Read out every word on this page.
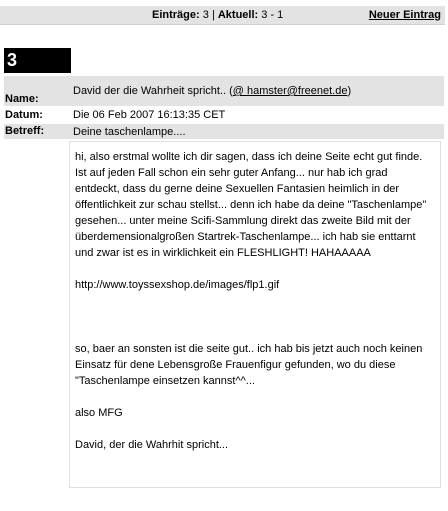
Einträge: 3 | Aktuell: 3 - 1	Neuer Eintrag
3
Name:
David der die Wahrheit spricht.. (@ hamster@freenet.de)
Datum:	Die 06 Feb 2007 16:13:35 CET
Betreff:	Deine taschenlampe....

hi, also erstmal wollte ich dir sagen, dass ich deine Seite echt gut finde. Ist auf jeden Fall schon ein sehr guter Anfang... nur hab ich grad entdeckt, dass du gerne deine Sexuellen Fantasien heimlich in der öffentlichkeit zur schau stellst... denn ich habe da deine "Taschenlampe" gesehen... unter meine Scifi-Sammlung direkt das zweite Bild mit der überdemensionalgroßen Startrek-Taschenlampe... ich hab sie enttarnt und zwar ist es in wirklichkeit ein FLESHLIGHT! HAHAAAAA

http://www.toyssexshop.de/images/flp1.gif

so, baer an sonsten ist die seite gut.. ich hab bis jetzt auch noch keinen Einsatz für dene Lebensgroße Frauenfigur gefunden, wo du diese "Taschenlampe einsetzen kannst^^...

also MFG

David, der die Wahrhit spricht...
